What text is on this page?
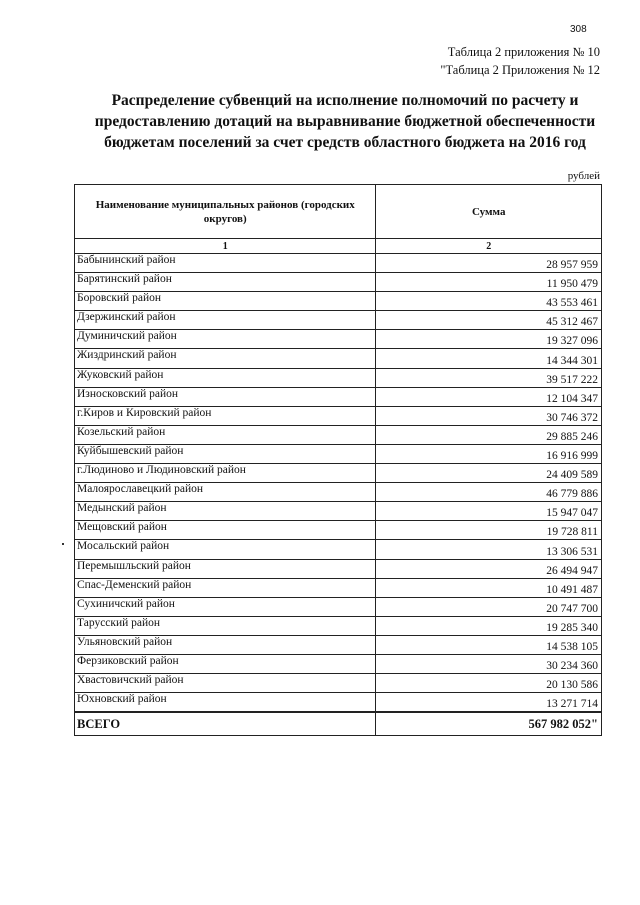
308
Таблица 2 приложения № 10
"Таблица 2 Приложения № 12
Распределение субвенций на исполнение полномочий по расчету и
предоставлению дотаций на выравнивание бюджетной обеспеченности
бюджетам поселений за счет средств областного бюджета на 2016 год
рублей
Наименование муниципальных районов (городских округов)	Сумма
1	2
Бабынинский район	28 957 959
Барятинский район	11 950 479
Боровский район	43 553 461
Дзержинский район	45 312 467
Думиничский район	19 327 096
Жиздринский район	14 344 301
Жуковский район	39 517 222
Износковский район	12 104 347
г.Киров и Кировский район	30 746 372
Козельский район	29 885 246
Куйбышевский район	16 916 999
г.Людиново и Людиновский район	24 409 589
Малоярославецкий район	46 779 886
Медынский район	15 947 047
Мещовский район	19 728 811
Мосальский район	13 306 531
Перемышльский район	26 494 947
Спас-Деменский район	10 491 487
Сухиничский район	20 747 700
Тарусский район	19 285 340
Ульяновский район	14 538 105
Ферзиковский район	30 234 360
Хвастовичский район	20 130 586
Юхновский район	13 271 714
ВСЕГО	567 982 052"
